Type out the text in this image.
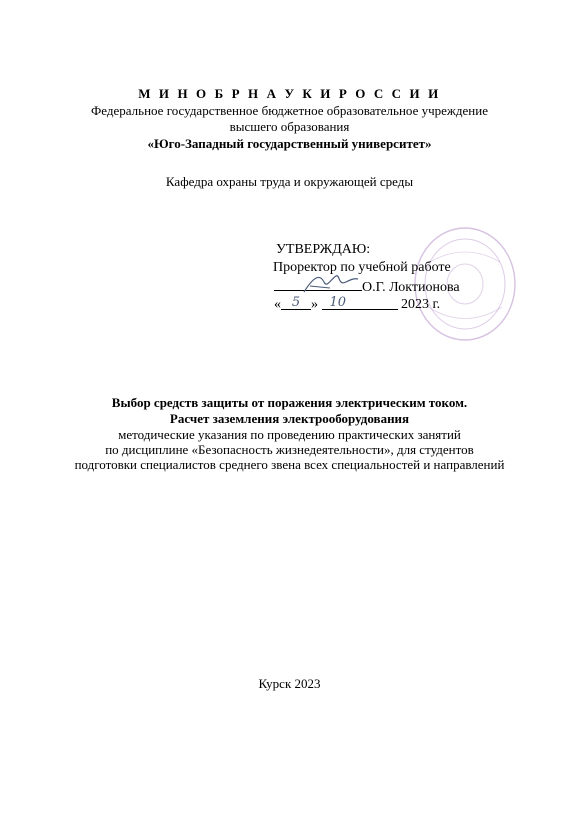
М И Н О Б Р Н А У К И Р О С С И И
Федеральное государственное бюджетное образовательное учреждение
высшего образования
«Юго-Западный государственный университет»
Кафедра охраны труда и окружающей среды
УТВЕРЖДАЮ:
Проректор по учебной работе
О.Г. Локтионова
« 5 » 10	2023 г.
Выбор средств защиты от поражения электрическим током.
Расчет заземления электрооборудования
методические указания по проведению практических занятий
по дисциплине «Безопасность жизнедеятельности», для студентов
подготовки специалистов среднего звена всех специальностей и направлений
Курск 2023
